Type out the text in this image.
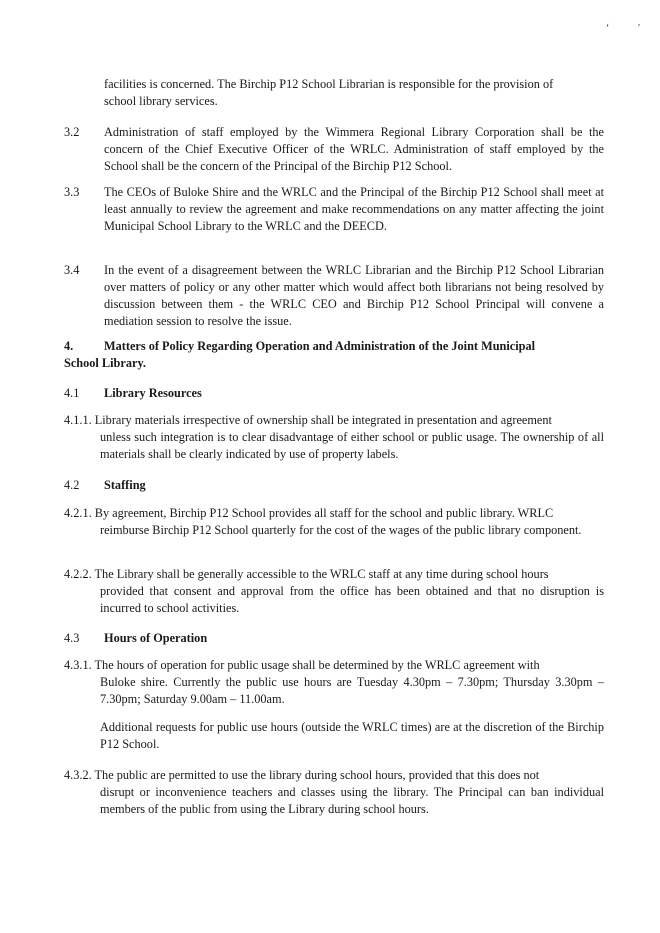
ʻ	ʹ
facilities is concerned. The Birchip P12 School Librarian is responsible for the provision of
school library services.
3.2 Administration of staff employed by the Wimmera Regional Library Corporation shall be the concern of the Chief Executive Officer of the WRLC. Administration of staff employed by the School shall be the concern of the Principal of the Birchip P12 School.
3.3 The CEOs of Buloke Shire and the WRLC and the Principal of the Birchip P12 School shall meet at least annually to review the agreement and make recommendations on any matter affecting the joint Municipal School Library to the WRLC and the DEECD.
3.4 In the event of a disagreement between the WRLC Librarian and the Birchip P12 School Librarian over matters of policy or any other matter which would affect both librarians not being resolved by discussion between them - the WRLC CEO and Birchip P12 School Principal will convene a mediation session to resolve the issue.
4.	Matters of Policy Regarding Operation and Administration of the Joint Municipal
School Library.
4.1 Library Resources
4.1.1. Library materials irrespective of ownership shall be integrated in presentation and agreement
unless such integration is to clear disadvantage of either school or public usage. The ownership of all materials shall be clearly indicated by use of property labels.
4.2 Staffing
4.2.1. By agreement, Birchip P12 School provides all staff for the school and public library. WRLC
reimburse Birchip P12 School quarterly for the cost of the wages of the public library component.
4.2.2. The Library shall be generally accessible to the WRLC staff at any time during school hours
provided that consent and approval from the office has been obtained and that no disruption is incurred to school activities.
4.3 Hours of Operation
4.3.1. The hours of operation for public usage shall be determined by the WRLC agreement with
Buloke shire. Currently the public use hours are Tuesday 4.30pm – 7.30pm; Thursday 3.30pm – 7.30pm; Saturday 9.00am – 11.00am.
Additional requests for public use hours (outside the WRLC times) are at the discretion of the Birchip P12 School.
4.3.2. The public are permitted to use the library during school hours, provided that this does not
disrupt or inconvenience teachers and classes using the library. The Principal can ban individual members of the public from using the Library during school hours.
